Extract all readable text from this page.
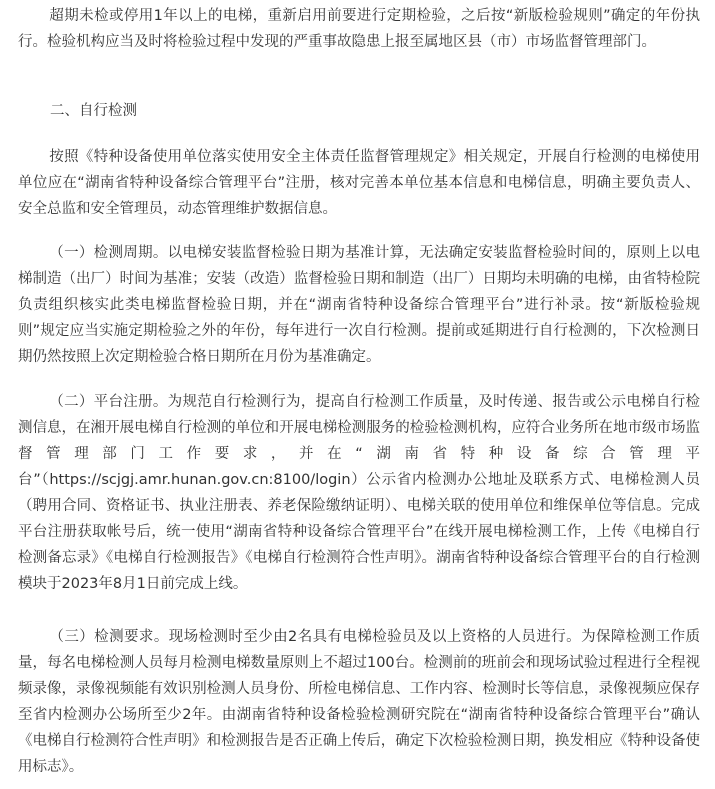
超期未检或停用1年以上的电梯，重新启用前要进行定期检验，之后按“新版检验规则”确定的年份执行。检验机构应当及时将检验过程中发现的严重事故隐患上报至属地区县（市）市场监督管理部门。

二、自行检测

按照《特种设备使用单位落实使用安全主体责任监督管理规定》相关规定，开展自行检测的电梯使用单位应在“湖南省特种设备综合管理平台”注册，核对完善本单位基本信息和电梯信息，明确主要负责人、安全总监和安全管理员，动态管理维护数据信息。

（一）检测周期。以电梯安装监督检验日期为基准计算，无法确定安装监督检验时间的，原则上以电梯制造（出厂）时间为基准；安装（改造）监督检验日期和制造（出厂）日期均未明确的电梯，由省特检院负责组织核实此类电梯监督检验日期，并在“湖南省特种设备综合管理平台”进行补录。按“新版检验规则”规定应当实施定期检验之外的年份，每年进行一次自行检测。提前或延期进行自行检测的，下次检测日期仍然按照上次定期检验合格日期所在月份为基准确定。

（二）平台注册。为规范自行检测行为，提高自行检测工作质量，及时传递、报告或公示电梯自行检测信息，在湘开展电梯自行检测的单位和开展电梯检测服务的检验检测机构，应符合业务所在地市级市场监督管理部门工作要求，并在“湖南省特种设备综合管理平台”（https://scjgj.amr.hunan.gov.cn:8100/login）公示省内检测办公地址及联系方式、电梯检测人员（聘用合同、资格证书、执业注册表、养老保险缴纳证明）、电梯关联的使用单位和维保单位等信息。完成平台注册获取帐号后，统一使用“湖南省特种设备综合管理平台”在线开展电梯检测工作，上传《电梯自行检测备忘录》《电梯自行检测报告》《电梯自行检测符合性声明》。湖南省特种设备综合管理平台的自行检测模块于2023年8月1日前完成上线。

（三）检测要求。现场检测时至少由2名具有电梯检验员及以上资格的人员进行。为保障检测工作质量，每名电梯检测人员每月检测电梯数量原则上不超过100台。检测前的班前会和现场试验过程进行全程视频录像，录像视频能有效识别检测人员身份、所检电梯信息、工作内容、检测时长等信息，录像视频应保存至省内检测办公场所至少2年。由湖南省特种设备检验检测研究院在“湖南省特种设备综合管理平台”确认《电梯自行检测符合性声明》和检测报告是否正确上传后，确定下次检验检测日期，换发相应《特种设备使用标志》。
